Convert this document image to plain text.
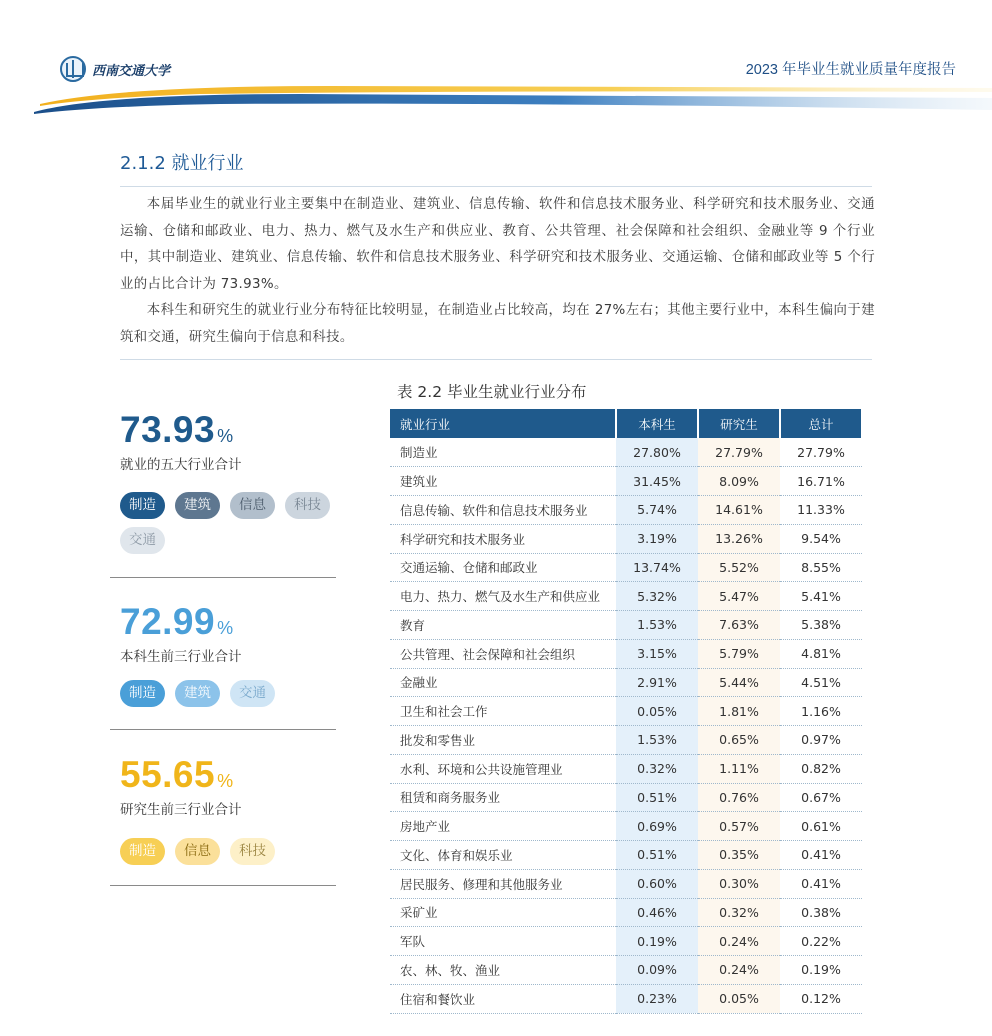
西南交通大学	2023 年毕业生就业质量年度报告
2.1.2 就业行业

本届毕业生的就业行业主要集中在制造业、建筑业、信息传输、软件和信息技术服务业、科学研究和技术服务业、交通运输、仓储和邮政业、电力、热力、燃气及水生产和供应业、教育、公共管理、社会保障和社会组织、金融业等 9 个行业中，其中制造业、建筑业、信息传输、软件和信息技术服务业、科学研究和技术服务业、交通运输、仓储和邮政业等 5 个行业的占比合计为 73.93%。

本科生和研究生的就业行业分布特征比较明显，在制造业占比较高，均在 27%左右；其他主要行业中，本科生偏向于建筑和交通，研究生偏向于信息和科技。

73.93 %
就业的五大行业合计
制造	建筑	信息	科技
交通
72.99 %
本科生前三行业合计
制造	建筑	交通
55.65 %
研究生前三行业合计
制造	信息	科技
表 2.2 毕业生就业行业分布
就业行业	本科生	研究生	总计
制造业	27.80%	27.79%	27.79%
建筑业	31.45%	8.09%	16.71%
信息传输、软件和信息技术服务业	5.74%	14.61%	11.33%
科学研究和技术服务业	3.19%	13.26%	9.54%
交通运输、仓储和邮政业	13.74%	5.52%	8.55%
电力、热力、燃气及水生产和供应业	5.32%	5.47%	5.41%
教育	1.53%	7.63%	5.38%
公共管理、社会保障和社会组织	3.15%	5.79%	4.81%
金融业	2.91%	5.44%	4.51%
卫生和社会工作	0.05%	1.81%	1.16%
批发和零售业	1.53%	0.65%	0.97%
水利、环境和公共设施管理业	0.32%	1.11%	0.82%
租赁和商务服务业	0.51%	0.76%	0.67%
房地产业	0.69%	0.57%	0.61%
文化、体育和娱乐业	0.51%	0.35%	0.41%
居民服务、修理和其他服务业	0.60%	0.30%	0.41%
采矿业	0.46%	0.32%	0.38%
军队	0.19%	0.24%	0.22%
农、林、牧、渔业	0.09%	0.24%	0.19%
住宿和餐饮业	0.23%	0.05%	0.12%
